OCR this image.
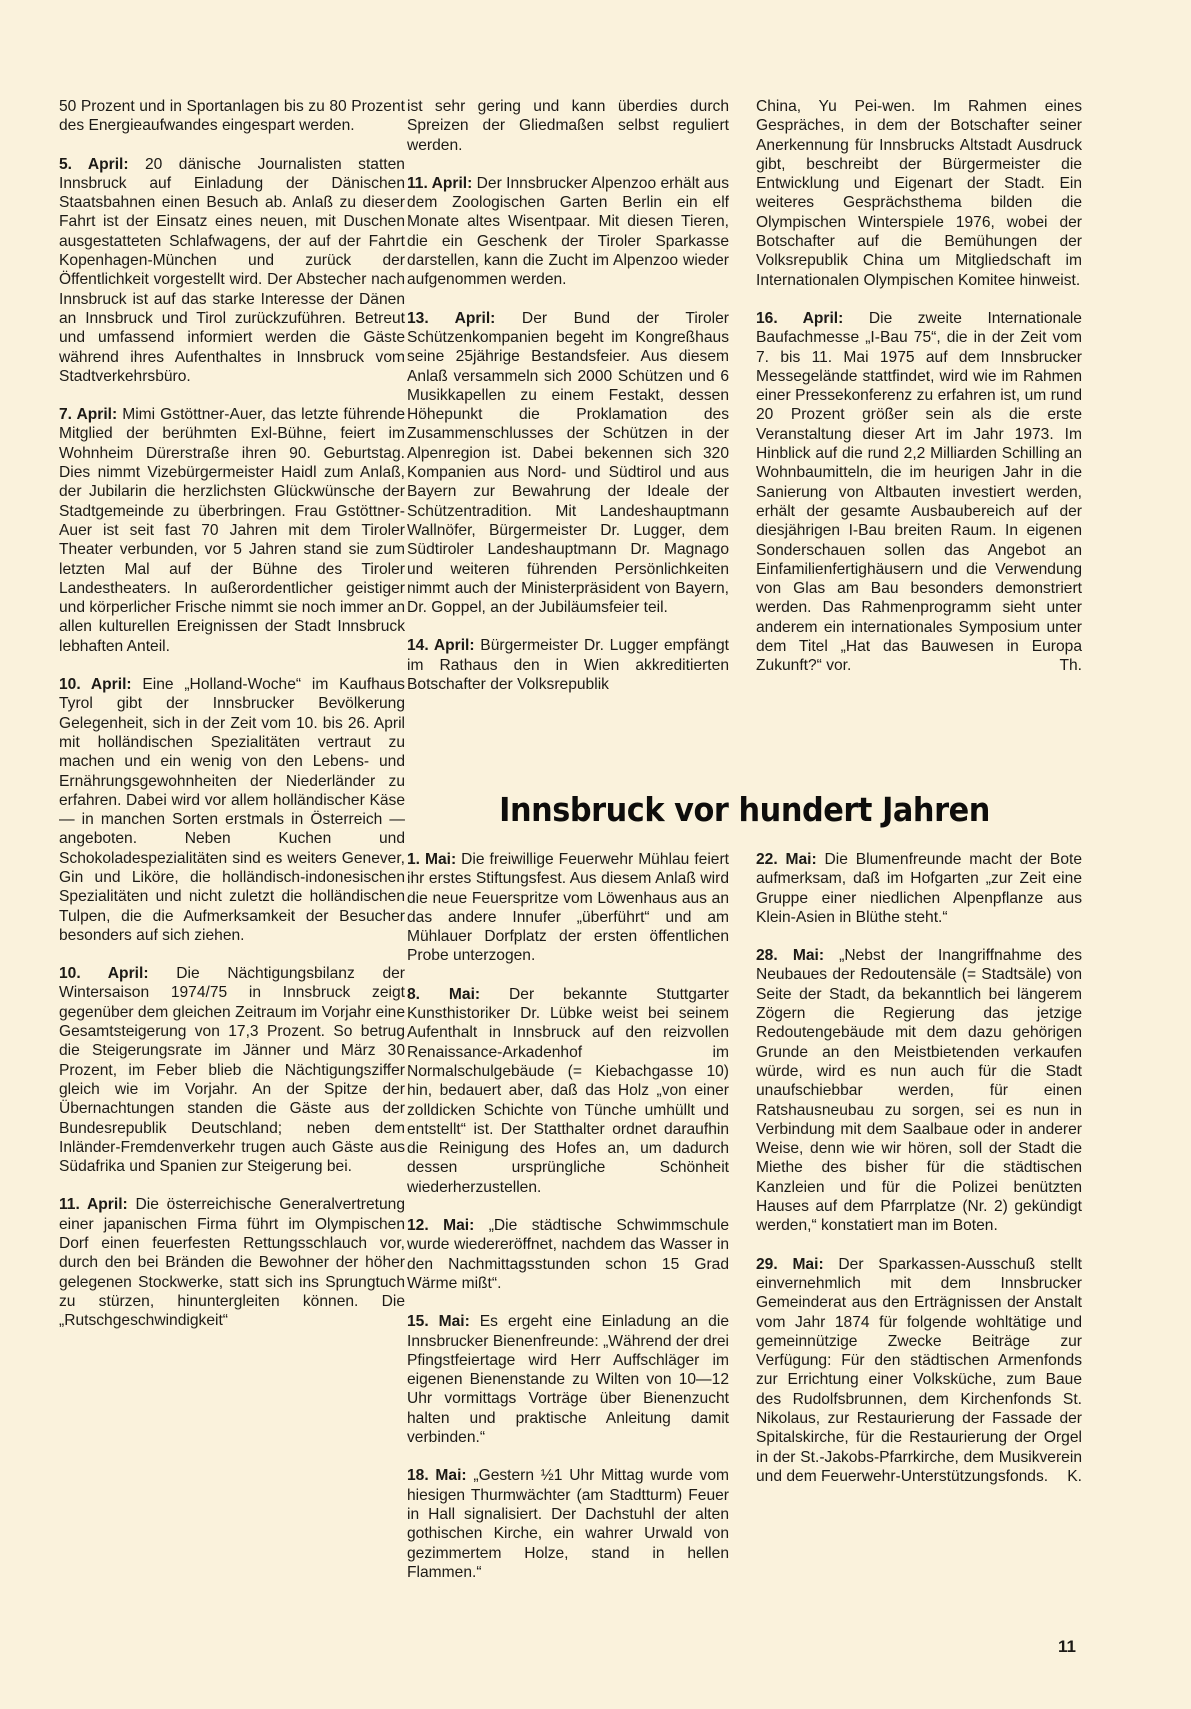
50 Prozent und in Sportanlagen bis zu 80 Prozent des Energieaufwandes eingespart werden.

5. April: 20 dänische Journalisten statten Innsbruck auf Einladung der Dänischen Staatsbahnen einen Besuch ab. Anlaß zu dieser Fahrt ist der Einsatz eines neuen, mit Duschen ausgestatteten Schlafwagens, der auf der Fahrt Kopenhagen-München und zurück der Öffentlichkeit vorgestellt wird. Der Abstecher nach Innsbruck ist auf das starke Interesse der Dänen an Innsbruck und Tirol zurückzuführen. Betreut und umfassend informiert werden die Gäste während ihres Aufenthaltes in Innsbruck vom Stadtverkehrsbüro.

7. April: Mimi Gstöttner-Auer, das letzte führende Mitglied der berühmten Exl-Bühne, feiert im Wohnheim Dürerstraße ihren 90. Geburtstag. Dies nimmt Vizebürgermeister Haidl zum Anlaß, der Jubilarin die herzlichsten Glückwünsche der Stadtgemeinde zu überbringen. Frau Gstöttner-Auer ist seit fast 70 Jahren mit dem Tiroler Theater verbunden, vor 5 Jahren stand sie zum letzten Mal auf der Bühne des Tiroler Landestheaters. In außerordentlicher geistiger und körperlicher Frische nimmt sie noch immer an allen kulturellen Ereignissen der Stadt Innsbruck lebhaften Anteil.

10. April: Eine „Holland-Woche“ im Kaufhaus Tyrol gibt der Innsbrucker Bevölkerung Gelegenheit, sich in der Zeit vom 10. bis 26. April mit holländischen Spezialitäten vertraut zu machen und ein wenig von den Lebens- und Ernährungsgewohnheiten der Niederländer zu erfahren. Dabei wird vor allem holländischer Käse — in manchen Sorten erstmals in Österreich — angeboten. Neben Kuchen und Schokoladespezialitäten sind es weiters Genever, Gin und Liköre, die holländisch-indonesischen Spezialitäten und nicht zuletzt die holländischen Tulpen, die die Aufmerksamkeit der Besucher besonders auf sich ziehen.

10. April: Die Nächtigungsbilanz der Wintersaison 1974/75 in Innsbruck zeigt gegenüber dem gleichen Zeitraum im Vorjahr eine Gesamtsteigerung von 17,3 Prozent. So betrug die Steigerungsrate im Jänner und März 30 Prozent, im Feber blieb die Nächtigungsziffer gleich wie im Vorjahr. An der Spitze der Übernachtungen standen die Gäste aus der Bundesrepublik Deutschland; neben dem Inländer-Fremdenverkehr trugen auch Gäste aus Südafrika und Spanien zur Steigerung bei.

11. April: Die österreichische Generalvertretung einer japanischen Firma führt im Olympischen Dorf einen feuerfesten Rettungsschlauch vor, durch den bei Bränden die Bewohner der höher gelegenen Stockwerke, statt sich ins Sprungtuch zu stürzen, hinuntergleiten können. Die „Rutschgeschwindigkeit“

ist sehr gering und kann überdies durch Spreizen der Gliedmaßen selbst reguliert werden.

11. April: Der Innsbrucker Alpenzoo erhält aus dem Zoologischen Garten Berlin ein elf Monate altes Wisentpaar. Mit diesen Tieren, die ein Geschenk der Tiroler Sparkasse darstellen, kann die Zucht im Alpenzoo wieder aufgenommen werden.

13. April: Der Bund der Tiroler Schützenkompanien begeht im Kongreßhaus seine 25jährige Bestandsfeier. Aus diesem Anlaß versammeln sich 2000 Schützen und 6 Musikkapellen zu einem Festakt, dessen Höhepunkt die Proklamation des Zusammenschlusses der Schützen in der Alpenregion ist. Dabei bekennen sich 320 Kompanien aus Nord- und Südtirol und aus Bayern zur Bewahrung der Ideale der Schützentradition. Mit Landeshauptmann Wallnöfer, Bürgermeister Dr. Lugger, dem Südtiroler Landeshauptmann Dr. Magnago und weiteren führenden Persönlichkeiten nimmt auch der Ministerpräsident von Bayern, Dr. Goppel, an der Jubiläumsfeier teil.

14. April: Bürgermeister Dr. Lugger empfängt im Rathaus den in Wien akkreditierten Botschafter der Volksrepublik

China, Yu Pei-wen. Im Rahmen eines Gespräches, in dem der Botschafter seiner Anerkennung für Innsbrucks Altstadt Ausdruck gibt, beschreibt der Bürgermeister die Entwicklung und Eigenart der Stadt. Ein weiteres Gesprächsthema bilden die Olympischen Winterspiele 1976, wobei der Botschafter auf die Bemühungen der Volksrepublik China um Mitgliedschaft im Internationalen Olympischen Komitee hinweist.

16. April: Die zweite Internationale Baufachmesse „I-Bau 75“, die in der Zeit vom 7. bis 11. Mai 1975 auf dem Innsbrucker Messegelände stattfindet, wird wie im Rahmen einer Pressekonferenz zu erfahren ist, um rund 20 Prozent größer sein als die erste Veranstaltung dieser Art im Jahr 1973. Im Hinblick auf die rund 2,2 Milliarden Schilling an Wohnbaumitteln, die im heurigen Jahr in die Sanierung von Altbauten investiert werden, erhält der gesamte Ausbaubereich auf der diesjährigen I-Bau breiten Raum. In eigenen Sonderschauen sollen das Angebot an Einfamilienfertighäusern und die Verwendung von Glas am Bau besonders demonstriert werden. Das Rahmenprogramm sieht unter anderem ein internationales Symposium unter dem Titel „Hat das Bauwesen in Europa Zukunft?“ vor.	Th.

Innsbruck vor hundert Jahren

1. Mai: Die freiwillige Feuerwehr Mühlau feiert ihr erstes Stiftungsfest. Aus diesem Anlaß wird die neue Feuerspritze vom Löwenhaus aus an das andere Innufer „überführt“ und am Mühlauer Dorfplatz der ersten öffentlichen Probe unterzogen.

8. Mai: Der bekannte Stuttgarter Kunsthistoriker Dr. Lübke weist bei seinem Aufenthalt in Innsbruck auf den reizvollen Renaissance-Arkadenhof im Normalschulgebäude (= Kiebachgasse 10) hin, bedauert aber, daß das Holz „von einer zolldicken Schichte von Tünche umhüllt und entstellt“ ist. Der Statthalter ordnet daraufhin die Reinigung des Hofes an, um dadurch dessen ursprüngliche Schönheit wiederherzustellen.

12. Mai: „Die städtische Schwimmschule wurde wiedereröffnet, nachdem das Wasser in den Nachmittagsstunden schon 15 Grad Wärme mißt“.

15. Mai: Es ergeht eine Einladung an die Innsbrucker Bienenfreunde: „Während der drei Pfingstfeiertage wird Herr Auffschläger im eigenen Bienenstande zu Wilten von 10—12 Uhr vormittags Vorträge über Bienenzucht halten und praktische Anleitung damit verbinden.“

18. Mai: „Gestern ½1 Uhr Mittag wurde vom hiesigen Thurmwächter (am Stadtturm) Feuer in Hall signalisiert. Der Dachstuhl der alten gothischen Kirche, ein wahrer Urwald von gezimmertem Holze, stand in hellen Flammen.“

22. Mai: Die Blumenfreunde macht der Bote aufmerksam, daß im Hofgarten „zur Zeit eine Gruppe einer niedlichen Alpenpflanze aus Klein-Asien in Blüthe steht.“

28. Mai: „Nebst der Inangriffnahme des Neubaues der Redoutensäle (= Stadtsäle) von Seite der Stadt, da bekanntlich bei längerem Zögern die Regierung das jetzige Redoutengebäude mit dem dazu gehörigen Grunde an den Meistbietenden verkaufen würde, wird es nun auch für die Stadt unaufschiebbar werden, für einen Ratshausneubau zu sorgen, sei es nun in Verbindung mit dem Saalbaue oder in anderer Weise, denn wie wir hören, soll der Stadt die Miethe des bisher für die städtischen Kanzleien und für die Polizei benützten Hauses auf dem Pfarrplatze (Nr. 2) gekündigt werden,“ konstatiert man im Boten.

29. Mai: Der Sparkassen-Ausschuß stellt einvernehmlich mit dem Innsbrucker Gemeinderat aus den Erträgnissen der Anstalt vom Jahr 1874 für folgende wohltätige und gemeinnützige Zwecke Beiträge zur Verfügung: Für den städtischen Armenfonds zur Errichtung einer Volksküche, zum Baue des Rudolfsbrunnen, dem Kirchenfonds St. Nikolaus, zur Restaurierung der Fassade der Spitalskirche, für die Restaurierung der Orgel in der St.-Jakobs-Pfarrkirche, dem Musikverein und dem Feuerwehr-Unterstützungsfonds. K.

11
